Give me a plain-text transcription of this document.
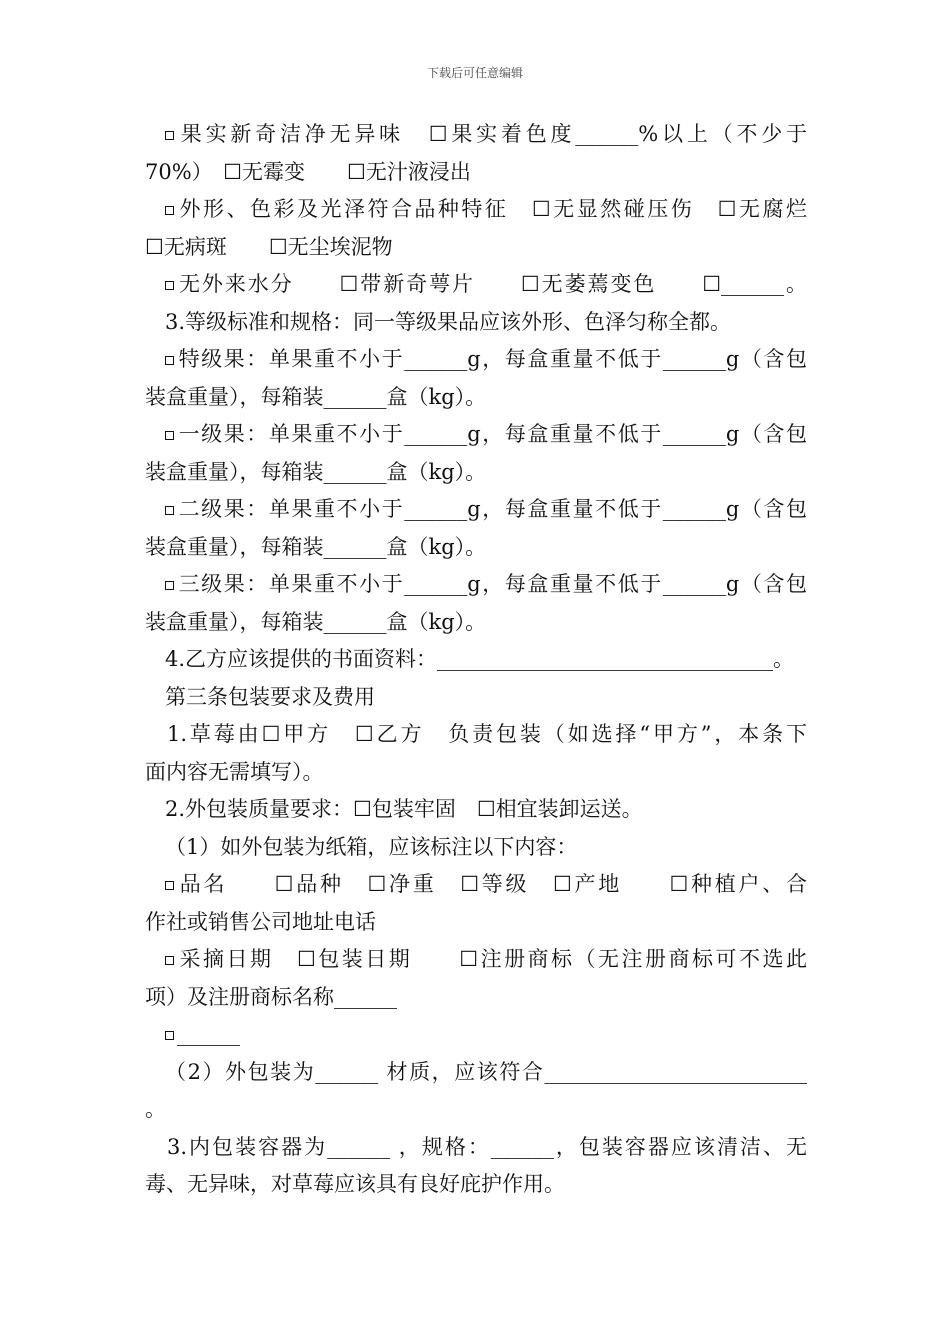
下载后可任意编辑
果实新奇洁净无异味　☐果实着色度______%以上（不少于
70%）　☐无霉变　　☐无汁液浸出
外形、色彩及光泽符合品种特征　☐无显然碰压伤　☐无腐烂
☐无病斑　　☐无尘埃泥物
无外来水分　　☐带新奇萼片　　☐无萎蔫变色　　☐______。
3.等级标准和规格：同一等级果品应该外形、色泽匀称全都。
特级果：单果重不小于______g，每盒重量不低于______g（含包
装盒重量），每箱装______盒（kg）。
一级果：单果重不小于______g，每盒重量不低于______g（含包
装盒重量），每箱装______盒（kg）。
二级果：单果重不小于______g，每盒重量不低于______g（含包
装盒重量），每箱装______盒（kg）。
三级果：单果重不小于______g，每盒重量不低于______g（含包
装盒重量），每箱装______盒（kg）。
4.乙方应该提供的书面资料：________________________________。
第三条包装要求及费用
1.草莓由☐甲方　☐乙方　负责包装（如选择“甲方”，本条下
面内容无需填写）。
2.外包装质量要求：☐包装牢固　☐相宜装卸运送。
（1）如外包装为纸箱，应该标注以下内容：
品名　　☐品种　☐净重　☐等级　☐产地　　☐种植户、合
作社或销售公司地址电话
采摘日期　☐包装日期　　☐注册商标（无注册商标可不选此
项）及注册商标名称______
______
（2）外包装为______ 材质，应该符合_________________________
。
3.内包装容器为______ ，规格：______，包装容器应该清洁、无
毒、无异味，对草莓应该具有良好庇护作用。
